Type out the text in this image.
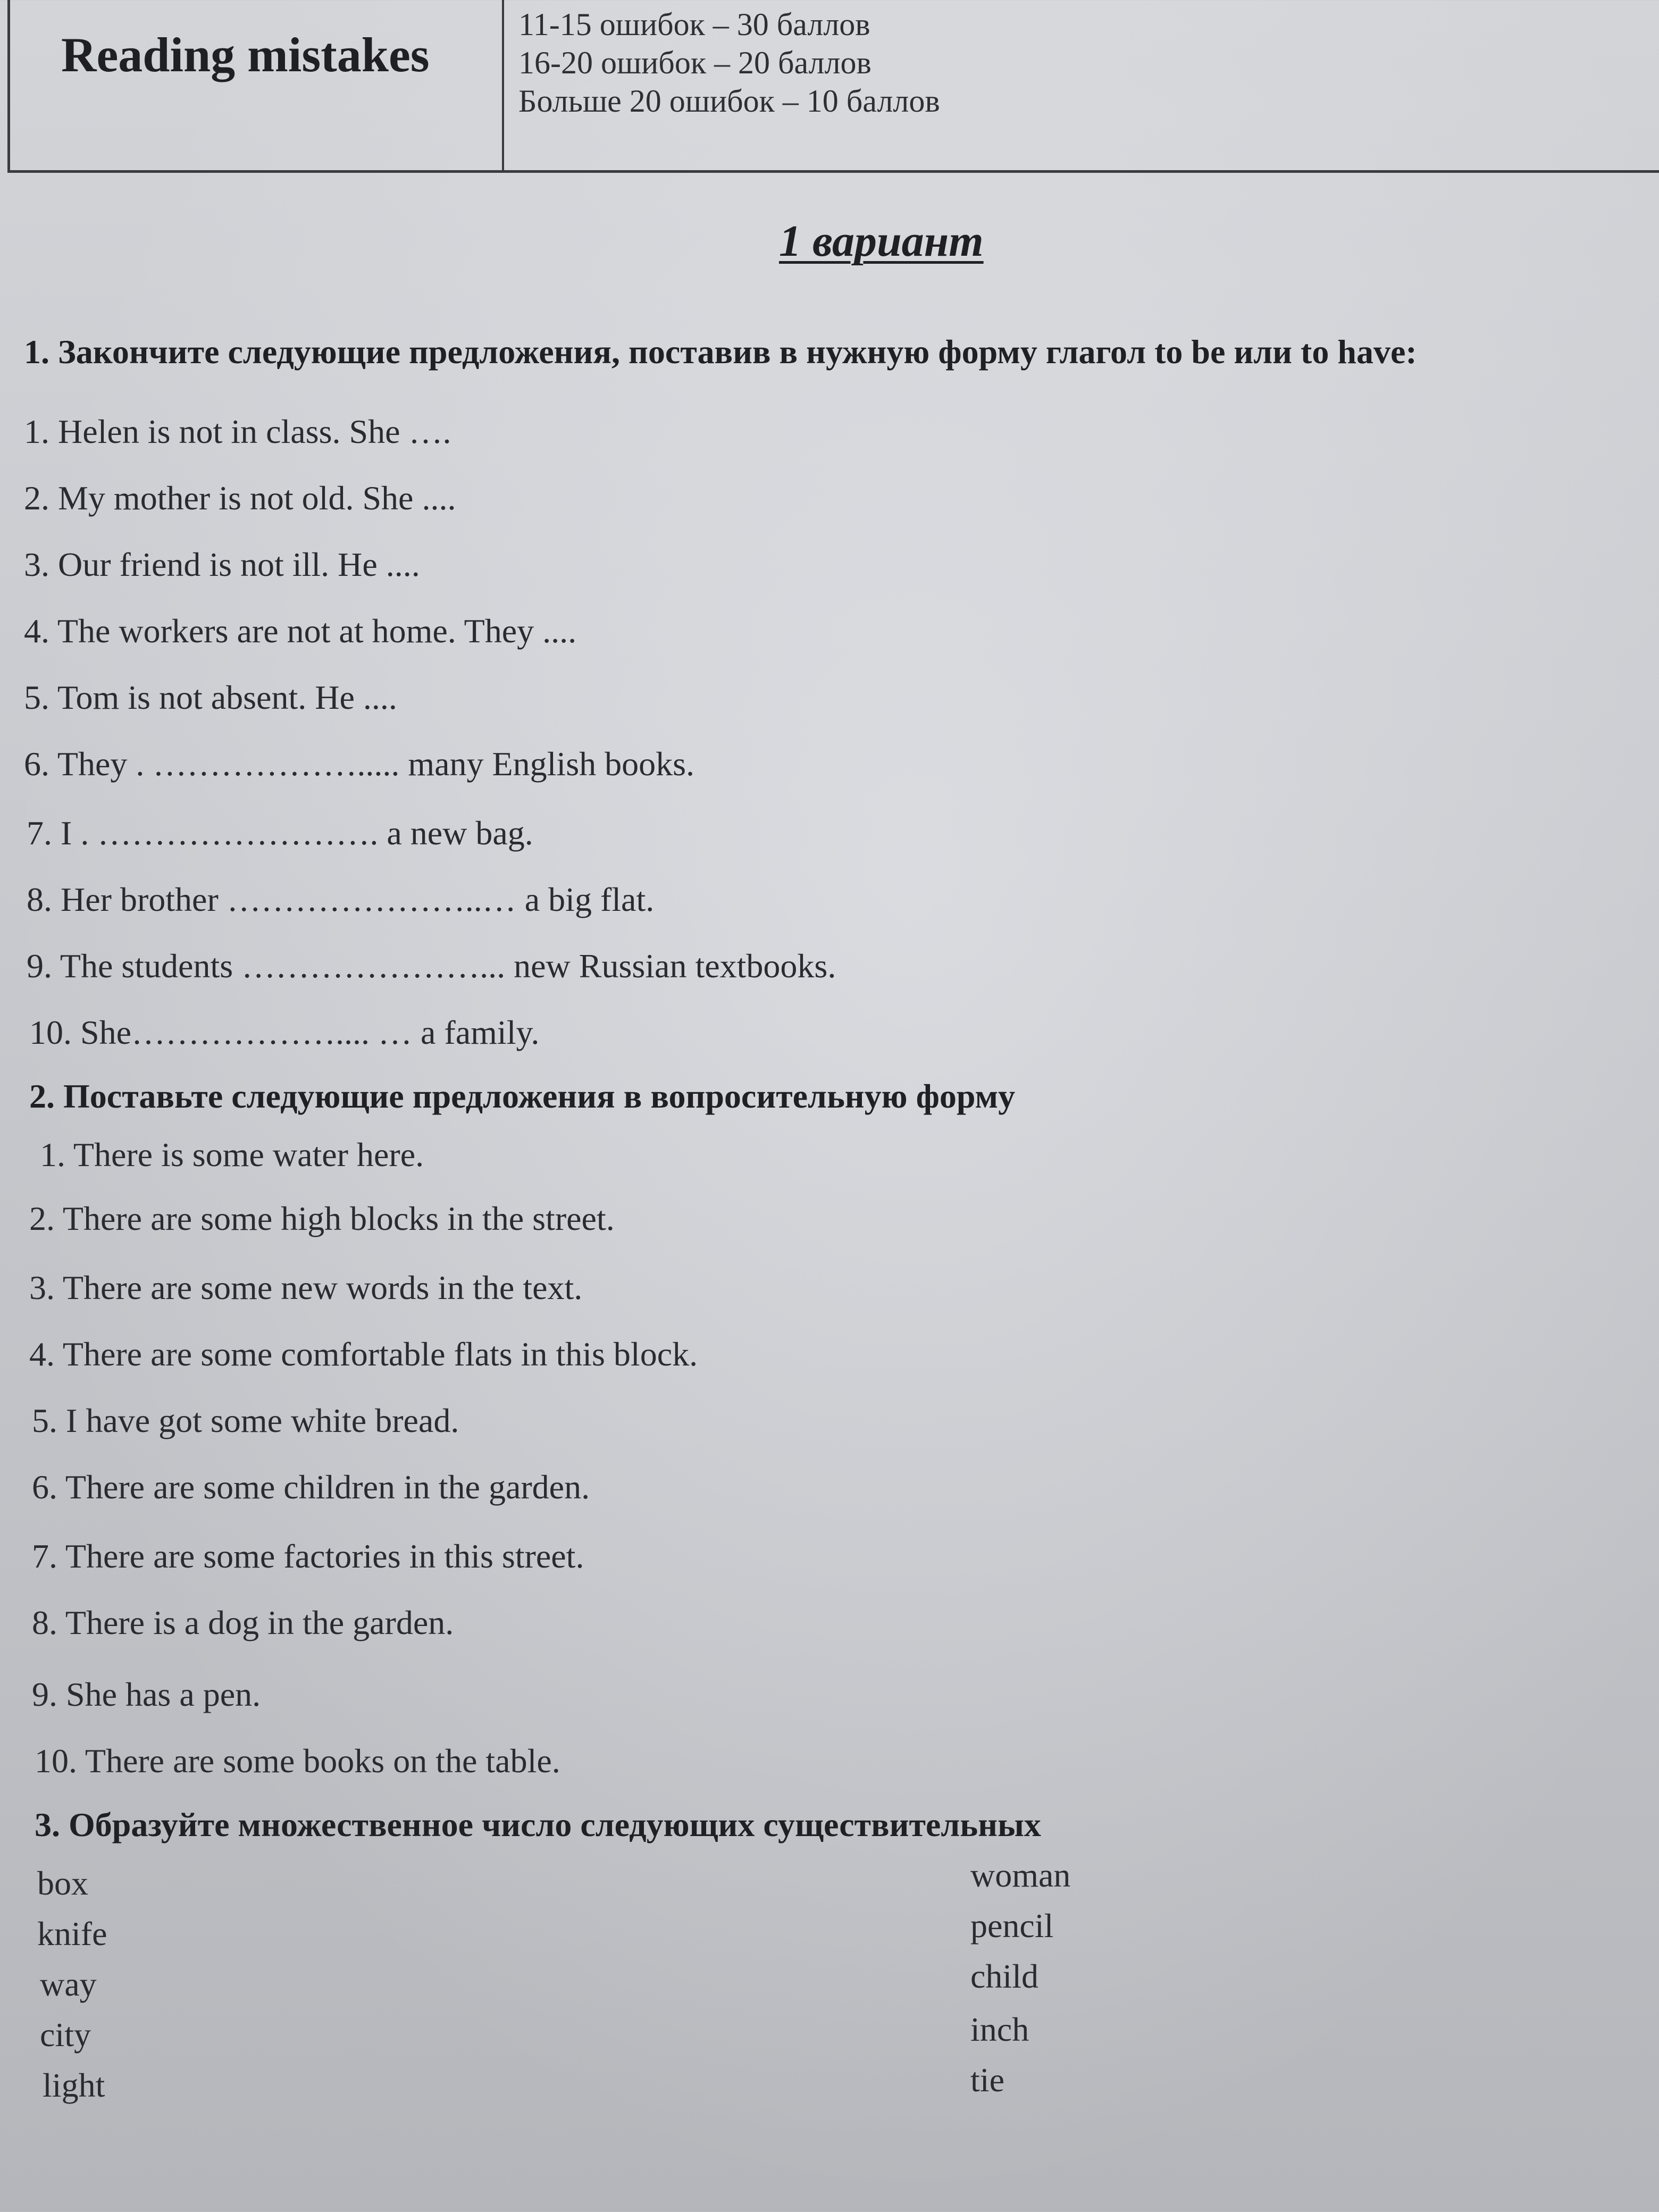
Reading mistakes
11-15 ошибок – 30 баллов
16-20 ошибок – 20 баллов
Больше 20 ошибок – 10 баллов
1 вариант
1. Закончите следующие предложения, поставив в нужную форму глагол to be или to have:
1. Helen is not in class. She ….
2. My mother is not old. She ....
3. Our friend is not ill. He ....
4. The workers are not at home. They ....
5. Tom is not absent. He ....
6. They . ………………..... many English books.
7. I . ……………………. a new bag.
8. Her brother …………………..… a big flat.
9. The students …………………... new Russian textbooks.
10. She……………….... … a family.
2. Поставьте следующие предложения в вопросительную форму
1. There is some water here.
2. There are some high blocks in the street.
3. There are some new words in the text.
4. There are some comfortable flats in this block.
5. I have got some white bread.
6. There are some children in the garden.
7. There are some factories in this street.
8. There is a dog in the garden.
9. She has a pen.
10. There are some books on the table.
3. Образуйте множественное число следующих существительных
box
knife
way
city
light
woman
pencil
child
inch
tie
